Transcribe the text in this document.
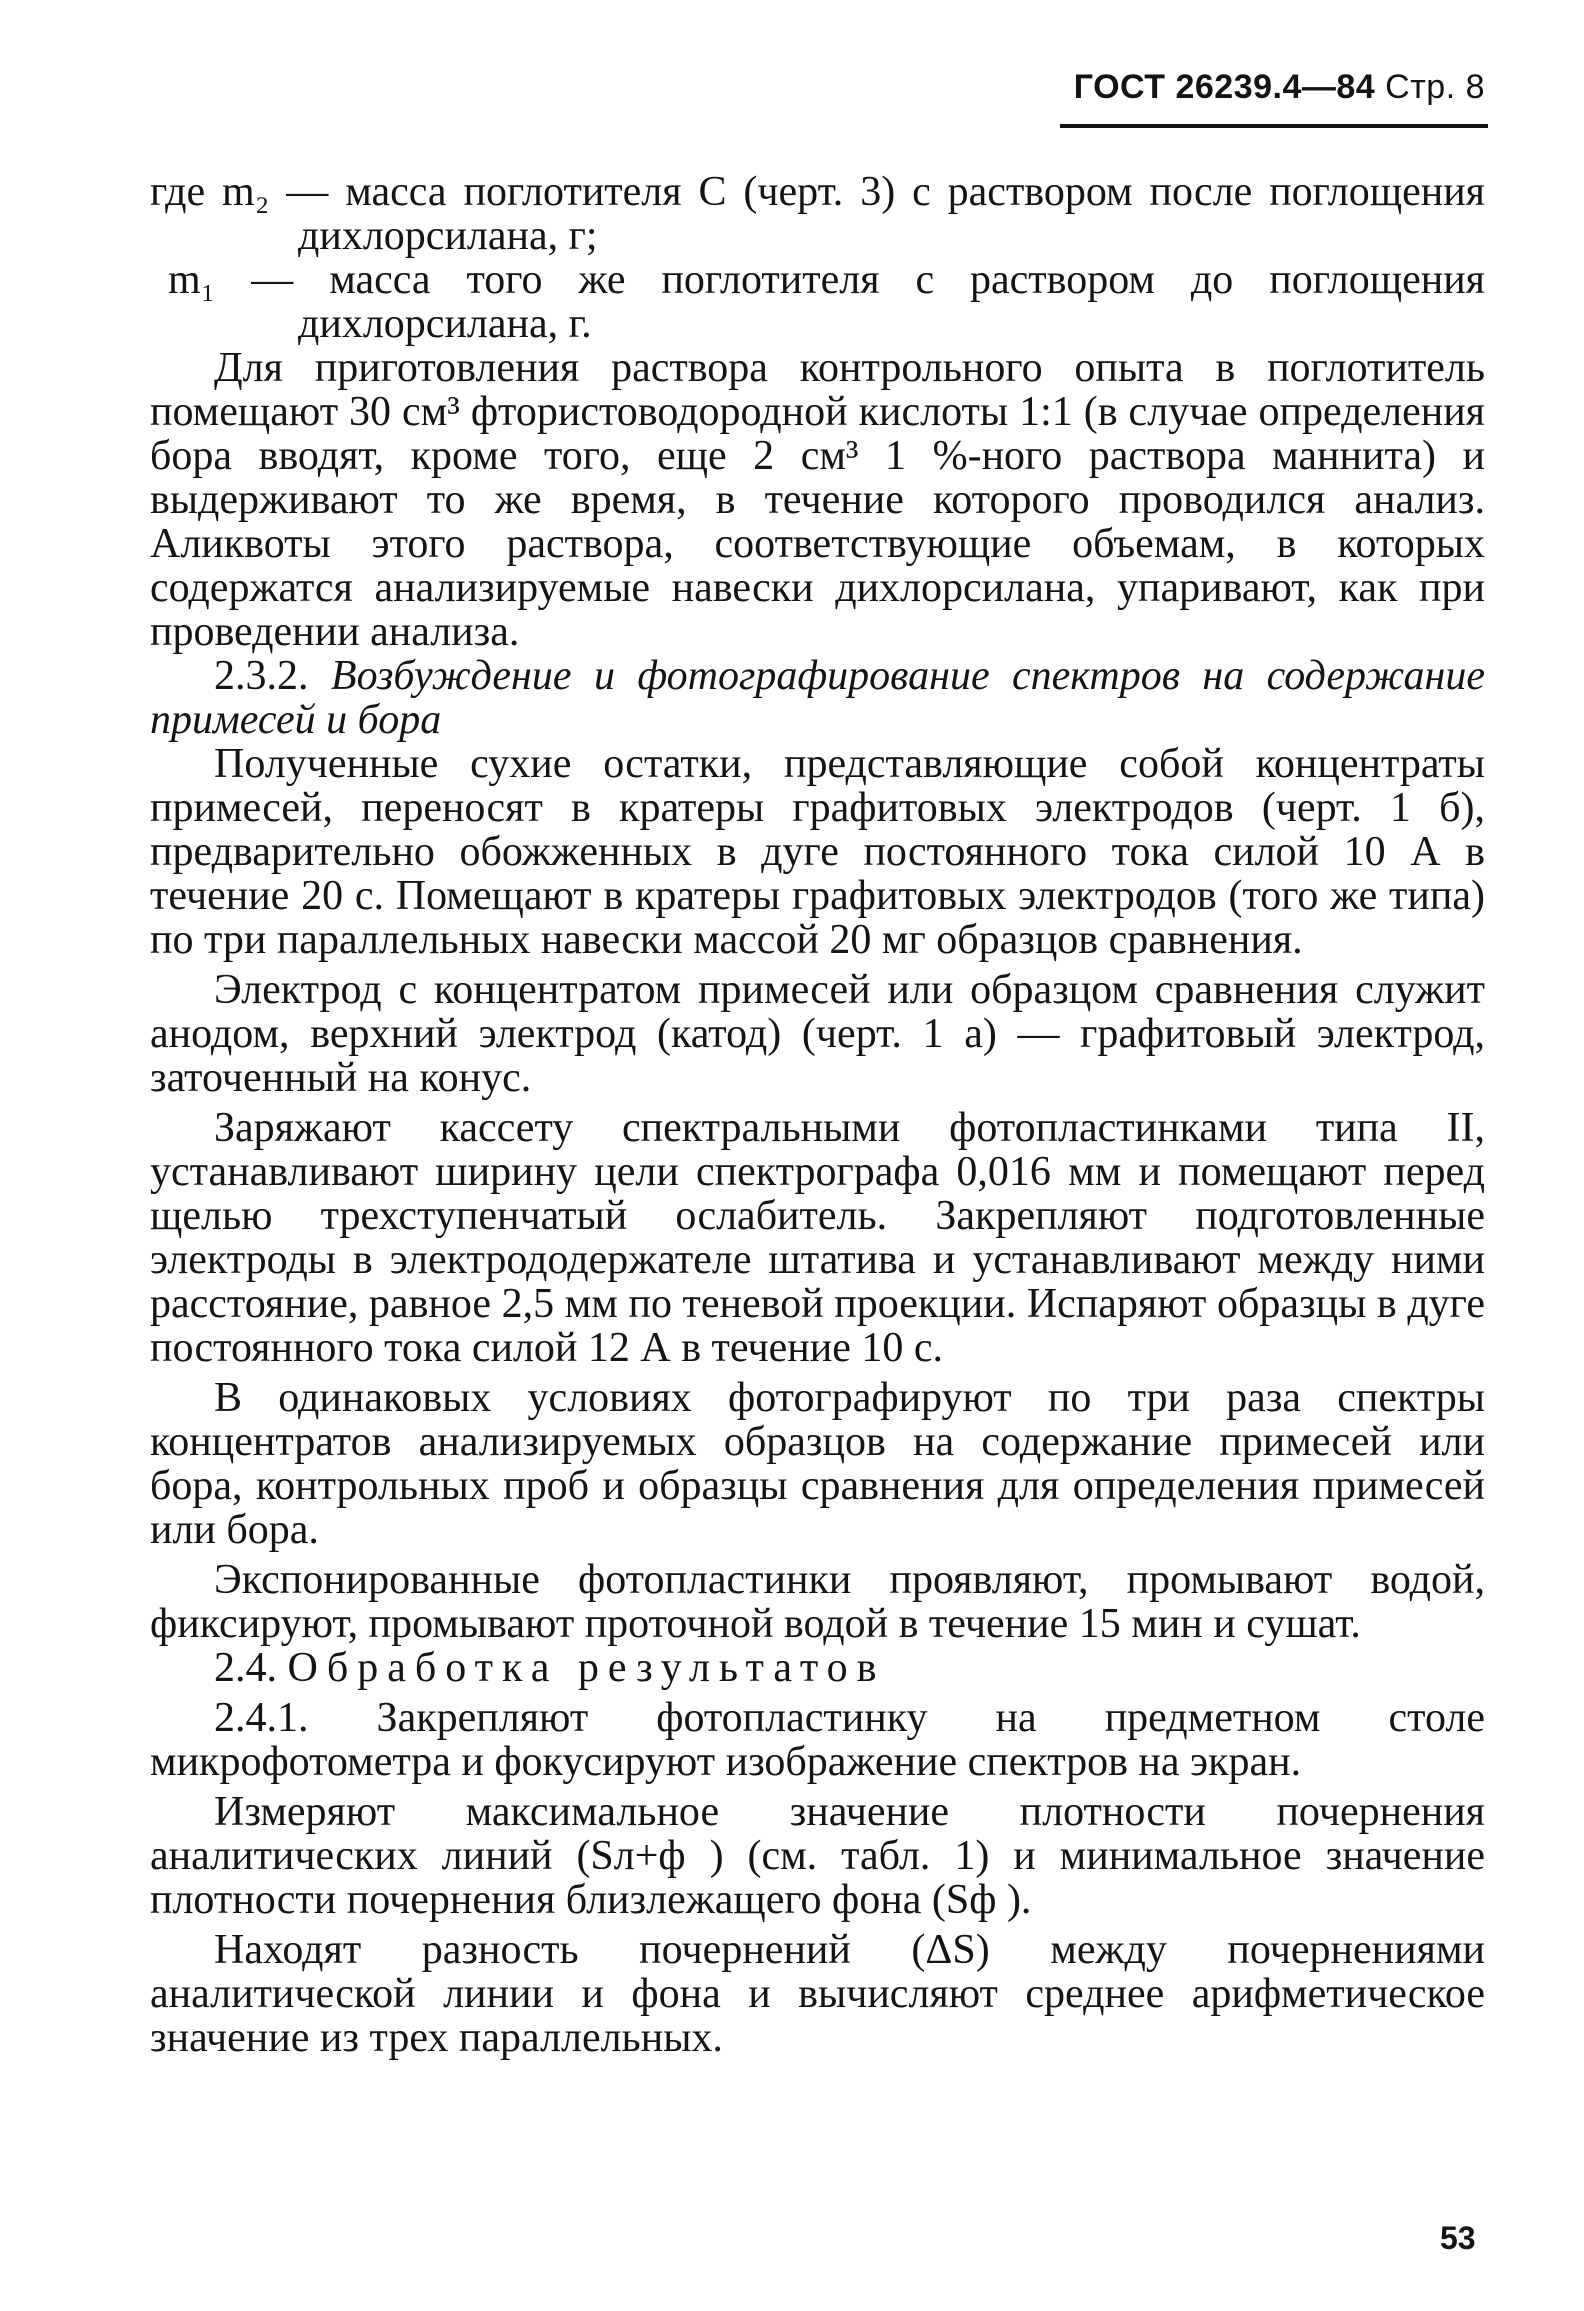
ГОСТ 26239.4—84 Стр. 8

где m₂ — масса поглотителя С (черт. 3) с раствором после поглощения дихлорсилана, г;

m₁ — масса того же поглотителя с раствором до поглощения дихлорсилана, г.

Для приготовления раствора контрольного опыта в поглотитель помещают 30 см³ фтористоводородной кислоты 1:1 (в случае определения бора вводят, кроме того, еще 2 см³ 1 %-ного раствора маннита) и выдерживают то же время, в течение которого проводился анализ. Аликвоты этого раствора, соответствующие объемам, в которых содержатся анализируемые навески дихлорсилана, упаривают, как при проведении анализа.

2.3.2. Возбуждение и фотографирование спектров на содержание примесей и бора

Полученные сухие остатки, представляющие собой концентраты примесей, переносят в кратеры графитовых электродов (черт. 1 б), предварительно обожженных в дуге постоянного тока силой 10 А в течение 20 с. Помещают в кратеры графитовых электродов (того же типа) по три параллельных навески массой 20 мг образцов сравнения.

Электрод с концентратом примесей или образцом сравнения служит анодом, верхний электрод (катод) (черт. 1 а) — графитовый электрод, заточенный на конус.

Заряжают кассету спектральными фотопластинками типа II, устанавливают ширину цели спектрографа 0,016 мм и помещают перед щелью трехступенчатый ослабитель. Закрепляют подготовленные электроды в электрододержателе штатива и устанавливают между ними расстояние, равное 2,5 мм по теневой проекции. Испаряют образцы в дуге постоянного тока силой 12 А в течение 10 с.

В одинаковых условиях фотографируют по три раза спектры концентратов анализируемых образцов на содержание примесей или бора, контрольных проб и образцы сравнения для определения примесей или бора.

Экспонированные фотопластинки проявляют, промывают водой, фиксируют, промывают проточной водой в течение 15 мин и сушат.

2.4. Обработка результатов

2.4.1. Закрепляют фотопластинку на предметном столе микрофотометра и фокусируют изображение спектров на экран.

Измеряют максимальное значение плотности почернения аналитических линий (Sл+ф ) (см. табл. 1) и минимальное значение плотности почернения близлежащего фона (Sф ).

Находят разность почернений (ΔS) между почернениями аналитической линии и фона и вычисляют среднее арифметическое значение из трех параллельных.

53
